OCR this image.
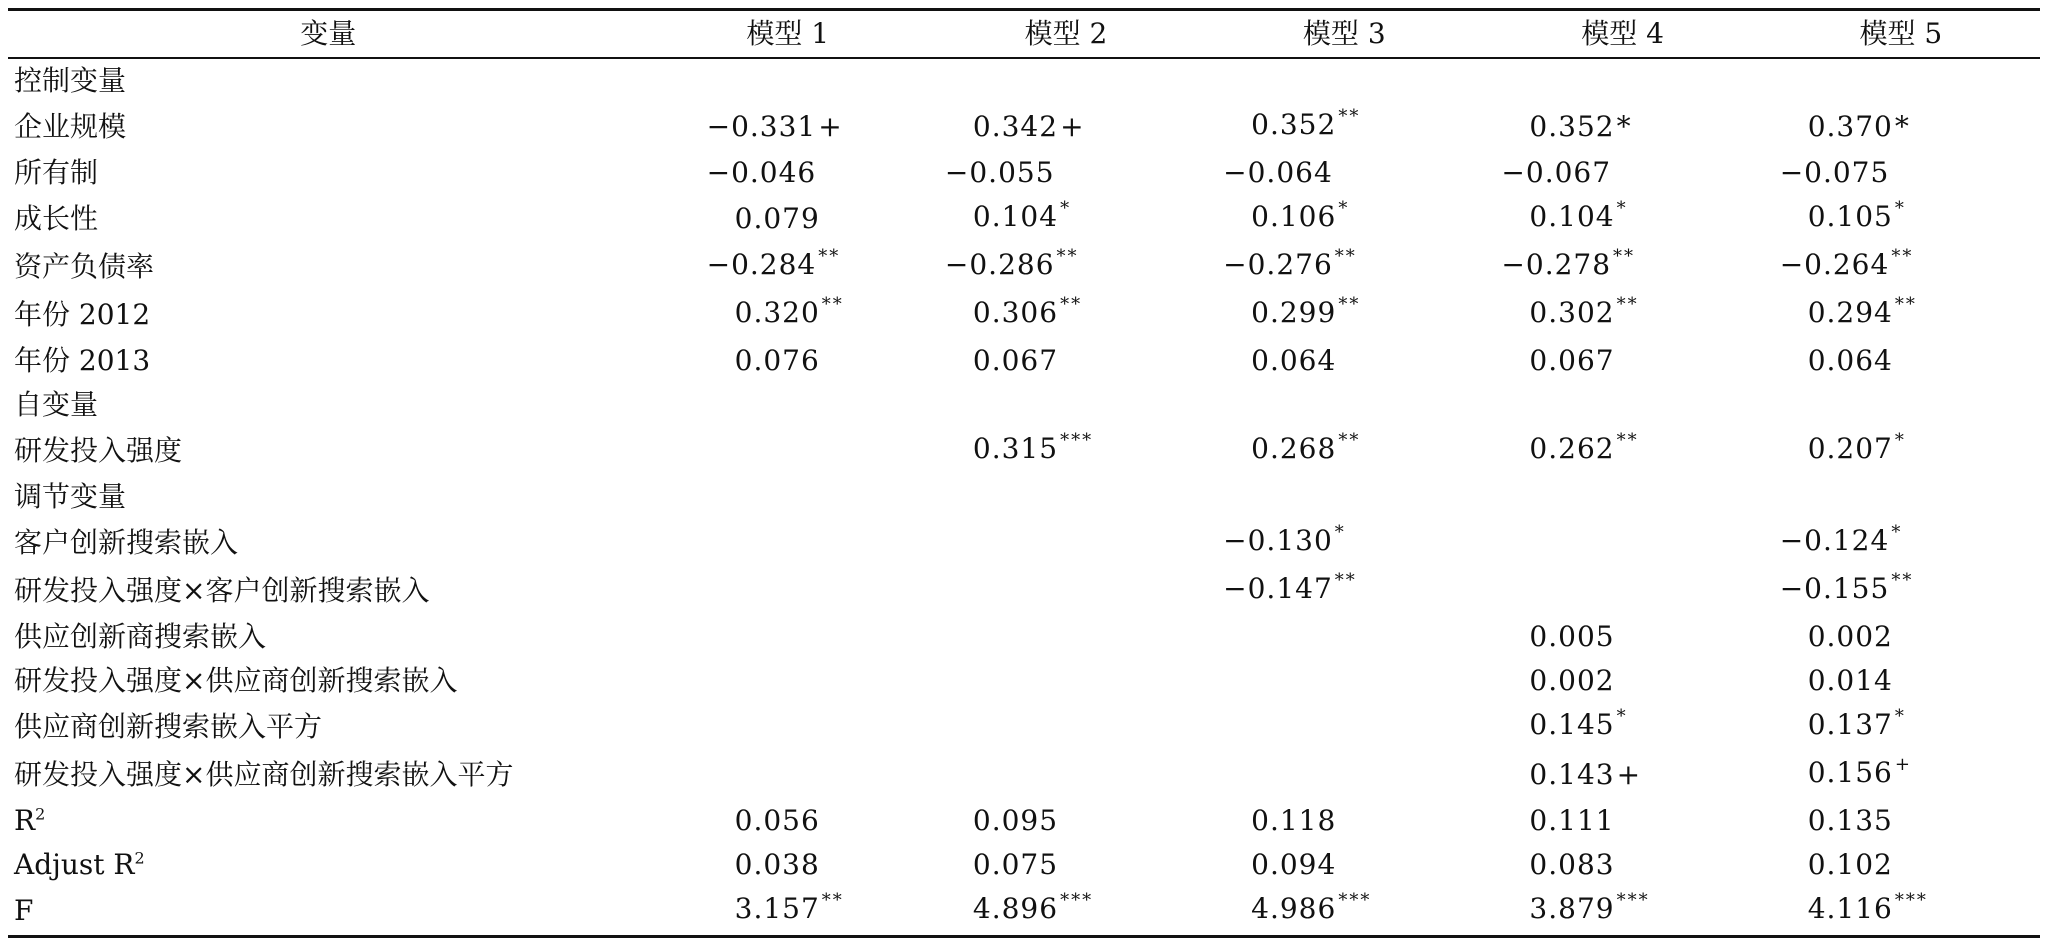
变量	模型 1	模型 2	模型 3	模型 4	模型 5
控制变量					
企业规模	−0.331+	0.342+	0.352 **	0.352*	0.370*
所有制	−0.046	−0.055	−0.064	−0.067	−0.075
成长性	0.079	0.104 *	0.106 *	0.104 *	0.105 *
资产负债率	−0.284 **	−0.286 **	−0.276 **	−0.278 **	−0.264 **
年份 2012	0.320 **	0.306 **	0.299 **	0.302 **	0.294 **
年份 2013	0.076	0.067	0.064	0.067	0.064
自变量					
研发投入强度		0.315 ***	0.268 **	0.262 **	0.207 *
调节变量					
客户创新搜索嵌入			−0.130 *		−0.124 *
研发投入强度×客户创新搜索嵌入			−0.147 **		−0.155 **
供应创新商搜索嵌入				0.005	0.002
研发投入强度×供应商创新搜索嵌入				0.002	0.014
供应商创新搜索嵌入平方				0.145 *	0.137 *
研发投入强度×供应商创新搜索嵌入平方				0.143+	0.156 +
$R^2$	0.056	0.095	0.118	0.111	0.135
Adjust $R^2$	0.038	0.075	0.094	0.083	0.102
F	3.157 **	4.896 ***	4.986 ***	3.879 ***	4.116 ***
